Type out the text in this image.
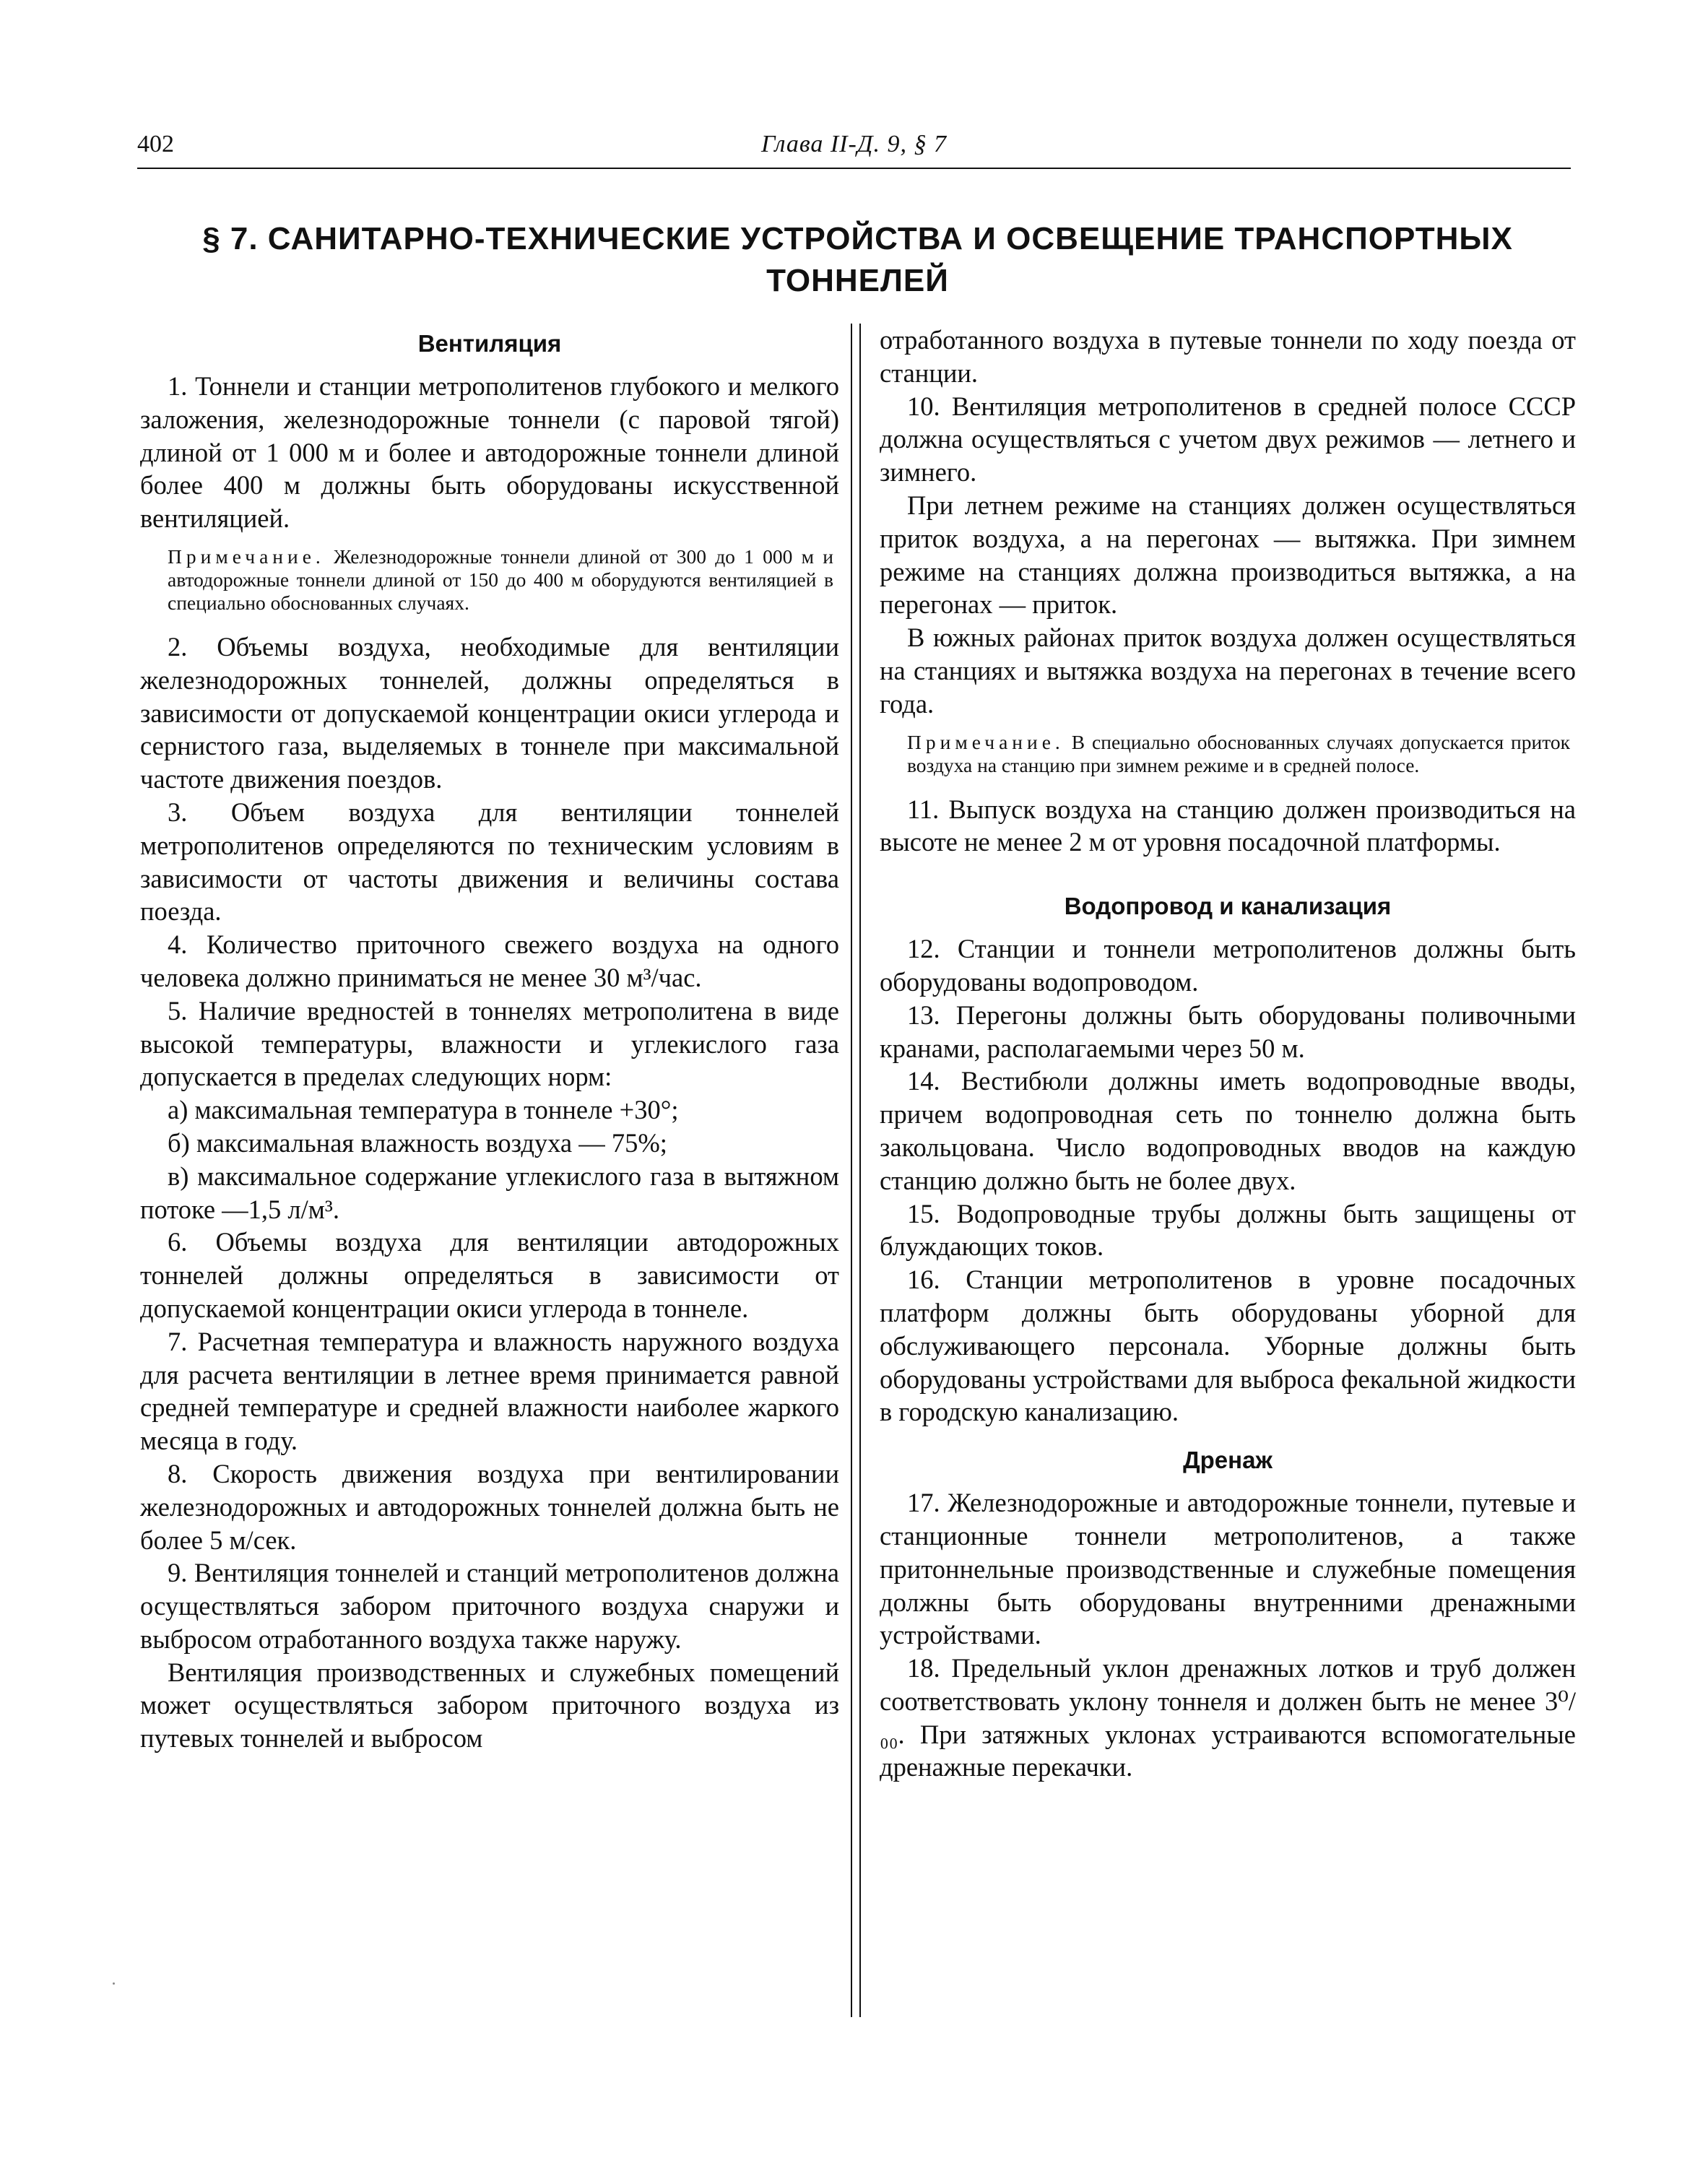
402	Глава II-Д. 9, § 7
§ 7. САНИТАРНО-ТЕХНИЧЕСКИЕ УСТРОЙСТВА И ОСВЕЩЕНИЕ ТРАНСПОРТНЫХ
ТОННЕЛЕЙ
Вентиляция

1. Тоннели и станции метрополитенов глубокого и мелкого заложения, железнодорожные тоннели (с паровой тягой) длиной от 1 000 м и более и автодорожные тоннели длиной более 400 м должны быть оборудованы искусственной вентиляцией.

Примечание. Железнодорожные тоннели длиной от 300 до 1 000 м и автодорожные тоннели длиной от 150 до 400 м оборудуются вентиляцией в специально обоснованных случаях.

2. Объемы воздуха, необходимые для вентиляции железнодорожных тоннелей, должны определяться в зависимости от допускаемой концентрации окиси углерода и сернистого газа, выделяемых в тоннеле при максимальной частоте движения поездов.

3. Объем воздуха для вентиляции тоннелей метрополитенов определяются по техническим условиям в зависимости от частоты движения и величины состава поезда.

4. Количество приточного свежего воздуха на одного человека должно приниматься не менее 30 м³/час.

5. Наличие вредностей в тоннелях метрополитена в виде высокой температуры, влажности и углекислого газа допускается в пределах следующих норм:

а) максимальная температура в тоннеле +30°;

б) максимальная влажность воздуха — 75%;

в) максимальное содержание углекислого газа в вытяжном потоке —1,5 л/м³.

6. Объемы воздуха для вентиляции автодорожных тоннелей должны определяться в зависимости от допускаемой концентрации окиси углерода в тоннеле.

7. Расчетная температура и влажность наружного воздуха для расчета вентиляции в летнее время принимается равной средней температуре и средней влажности наиболее жаркого месяца в году.

8. Скорость движения воздуха при вентилировании железнодорожных и автодорожных тоннелей должна быть не более 5 м/сек.

9. Вентиляция тоннелей и станций метрополитенов должна осуществляться забором приточного воздуха снаружи и выбросом отработанного воздуха также наружу.

Вентиляция производственных и служебных помещений может осуществляться забором приточного воздуха из путевых тоннелей и выбросом

отработанного воздуха в путевые тоннели по ходу поезда от станции.

10. Вентиляция метрополитенов в средней полосе СССР должна осуществляться с учетом двух режимов — летнего и зимнего.

При летнем режиме на станциях должен осуществляться приток воздуха, а на перегонах — вытяжка. При зимнем режиме на станциях должна производиться вытяжка, а на перегонах — приток.

В южных районах приток воздуха должен осуществляться на станциях и вытяжка воздуха на перегонах в течение всего года.

Примечание. В специально обоснованных случаях допускается приток воздуха на станцию при зимнем режиме и в средней полосе.

11. Выпуск воздуха на станцию должен производиться на высоте не менее 2 м от уровня посадочной платформы.

Водопровод и канализация

12. Станции и тоннели метрополитенов должны быть оборудованы водопроводом.

13. Перегоны должны быть оборудованы поливочными кранами, располагаемыми через 50 м.

14. Вестибюли должны иметь водопроводные вводы, причем водопроводная сеть по тоннелю должна быть закольцована. Число водопроводных вводов на каждую станцию должно быть не более двух.

15. Водопроводные трубы должны быть защищены от блуждающих токов.

16. Станции метрополитенов в уровне посадочных платформ должны быть оборудованы уборной для обслуживающего персонала. Уборные должны быть оборудованы устройствами для выброса фекальной жидкости в городскую канализацию.

Дренаж

17. Железнодорожные и автодорожные тоннели, путевые и станционные тоннели метрополитенов, а также притоннельные производственные и служебные помещения должны быть оборудованы внутренними дренажными устройствами.

18. Предельный уклон дренажных лотков и труб должен соответствовать уклону тоннеля и должен быть не менее 3⁰/₀₀. При затяжных уклонах устраиваются вспомогательные дренажные перекачки.
